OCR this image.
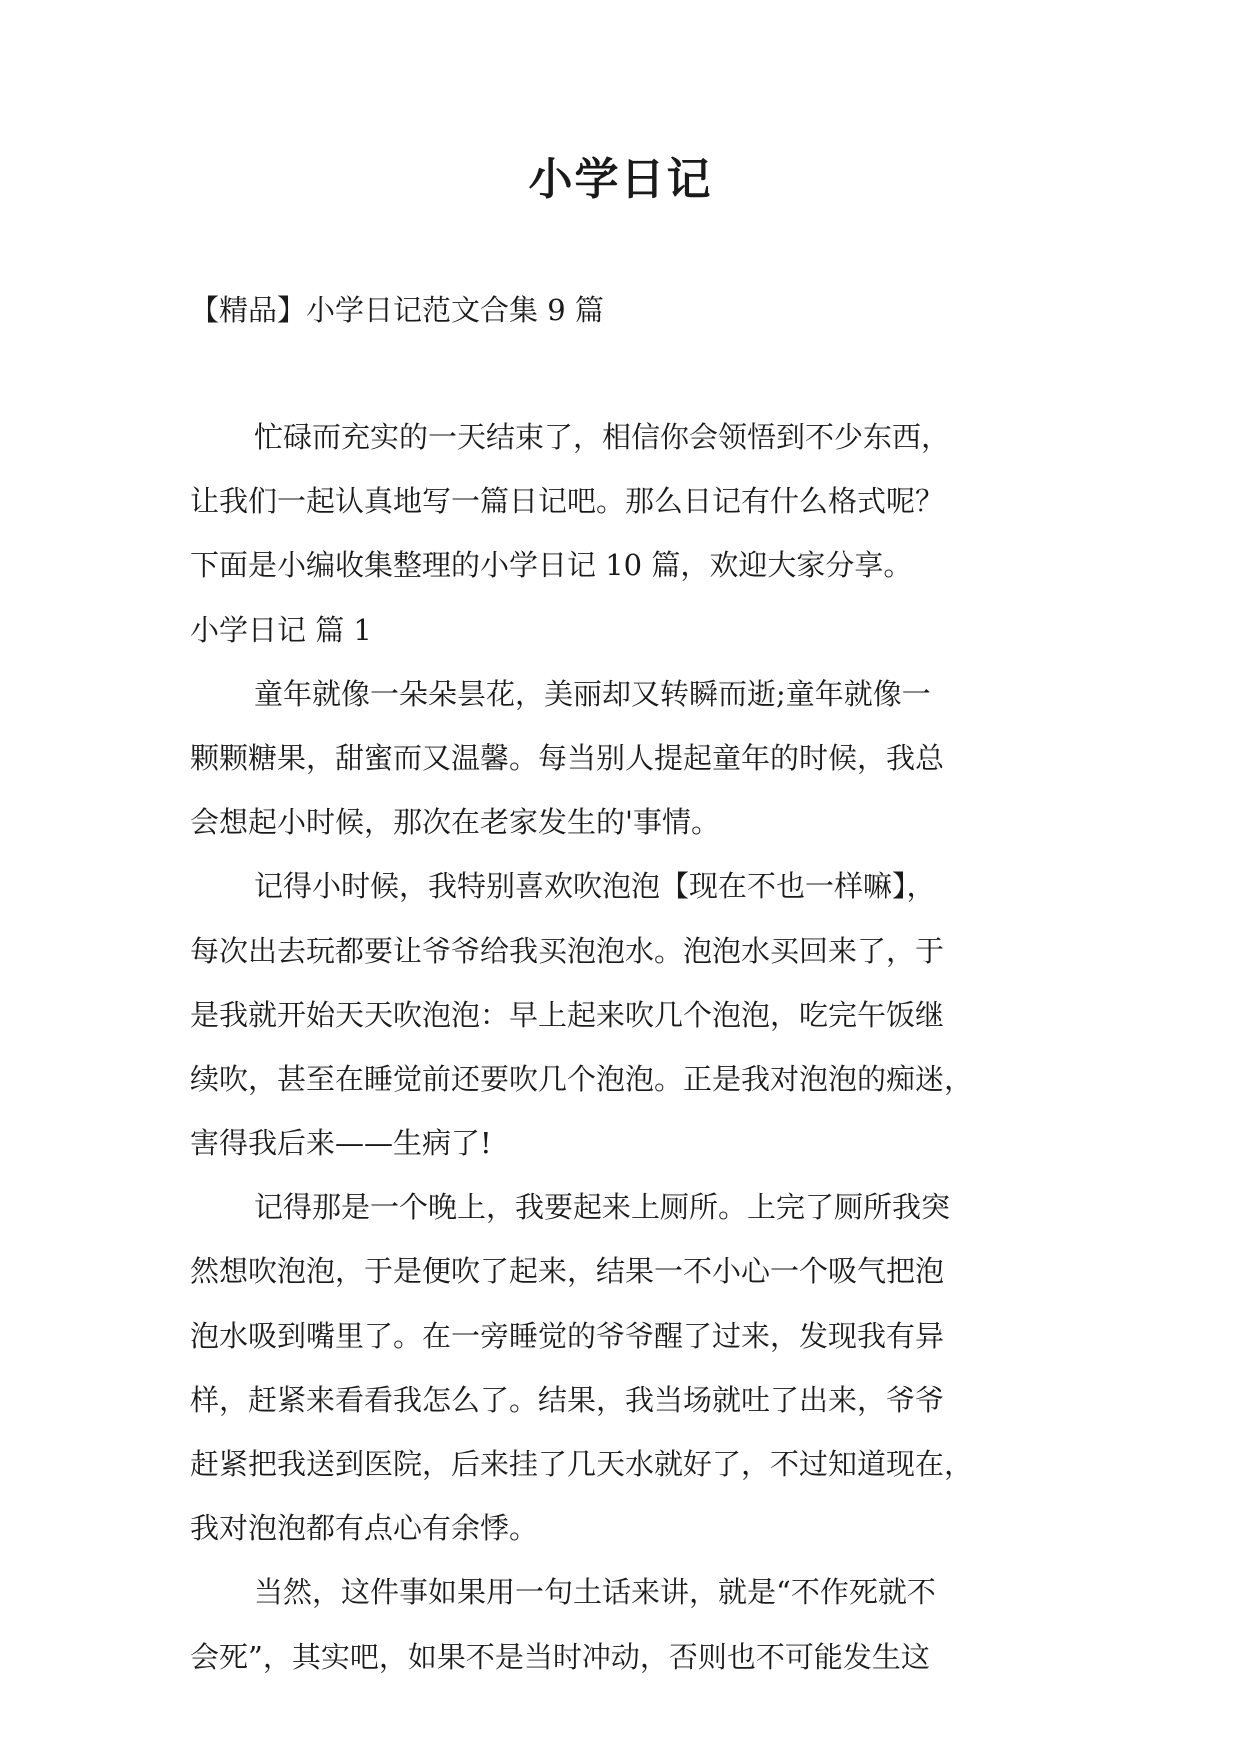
小学日记
【精品】小学日记范文合集 9 篇
忙碌而充实的一天结束了，相信你会领悟到不少东西，
让我们一起认真地写一篇日记吧。那么日记有什么格式呢？
下面是小编收集整理的小学日记 10 篇，欢迎大家分享。
小学日记 篇 1
童年就像一朵朵昙花，美丽却又转瞬而逝;童年就像一
颗颗糖果，甜蜜而又温馨。每当别人提起童年的时候，我总
会想起小时候，那次在老家发生的'事情。
记得小时候，我特别喜欢吹泡泡【现在不也一样嘛】，
每次出去玩都要让爷爷给我买泡泡水。泡泡水买回来了，于
是我就开始天天吹泡泡：早上起来吹几个泡泡，吃完午饭继
续吹，甚至在睡觉前还要吹几个泡泡。正是我对泡泡的痴迷，
害得我后来——生病了!
记得那是一个晚上，我要起来上厕所。上完了厕所我突
然想吹泡泡，于是便吹了起来，结果一不小心一个吸气把泡
泡水吸到嘴里了。在一旁睡觉的爷爷醒了过来，发现我有异
样，赶紧来看看我怎么了。结果，我当场就吐了出来，爷爷
赶紧把我送到医院，后来挂了几天水就好了，不过知道现在，
我对泡泡都有点心有余悸。
当然，这件事如果用一句土话来讲，就是“不作死就不
会死”，其实吧，如果不是当时冲动，否则也不可能发生这
